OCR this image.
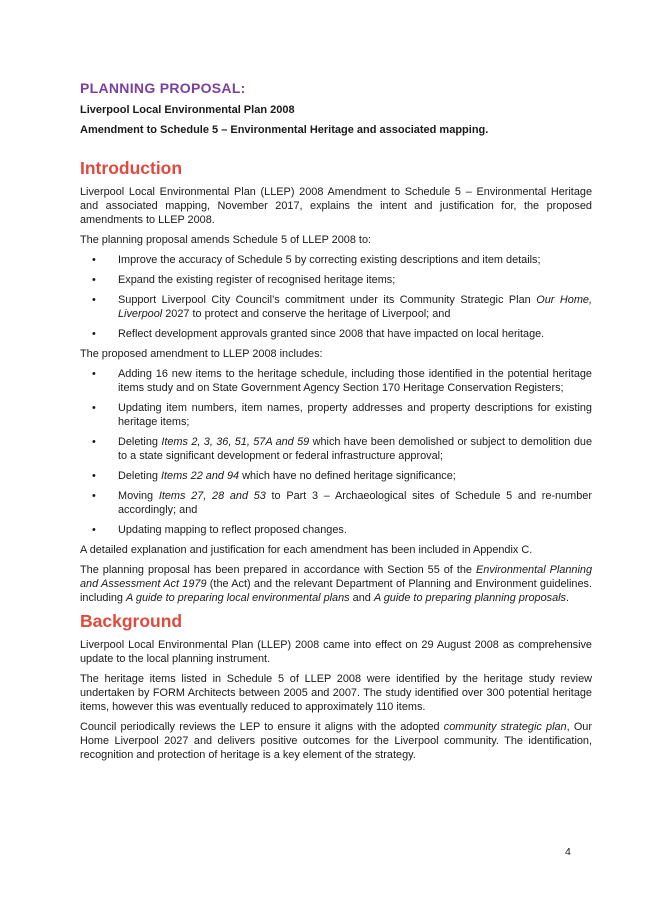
PLANNING PROPOSAL:
Liverpool Local Environmental Plan 2008
Amendment to Schedule 5 – Environmental Heritage and associated mapping.
Introduction

Liverpool Local Environmental Plan (LLEP) 2008 Amendment to Schedule 5 – Environmental Heritage and associated mapping, November 2017, explains the intent and justification for, the proposed amendments to LLEP 2008.

The planning proposal amends Schedule 5 of LLEP 2008 to:

• Improve the accuracy of Schedule 5 by correcting existing descriptions and item details;
• Expand the existing register of recognised heritage items;
• Support Liverpool City Council’s commitment under its Community Strategic Plan Our Home, Liverpool 2027 to protect and conserve the heritage of Liverpool; and
• Reflect development approvals granted since 2008 that have impacted on local heritage.

The proposed amendment to LLEP 2008 includes:

• Adding 16 new items to the heritage schedule, including those identified in the potential heritage items study and on State Government Agency Section 170 Heritage Conservation Registers;
• Updating item numbers, item names, property addresses and property descriptions for existing heritage items;
• Deleting Items 2, 3, 36, 51, 57A and 59 which have been demolished or subject to demolition due to a state significant development or federal infrastructure approval;
• Deleting Items 22 and 94 which have no defined heritage significance;
• Moving Items 27, 28 and 53 to Part 3 – Archaeological sites of Schedule 5 and re-number accordingly; and
• Updating mapping to reflect proposed changes.

A detailed explanation and justification for each amendment has been included in Appendix C.

The planning proposal has been prepared in accordance with Section 55 of the Environmental Planning and Assessment Act 1979 (the Act) and the relevant Department of Planning and Environment guidelines. including A guide to preparing local environmental plans and A guide to preparing planning proposals.

Background

Liverpool Local Environmental Plan (LLEP) 2008 came into effect on 29 August 2008 as comprehensive update to the local planning instrument.

The heritage items listed in Schedule 5 of LLEP 2008 were identified by the heritage study review undertaken by FORM Architects between 2005 and 2007. The study identified over 300 potential heritage items, however this was eventually reduced to approximately 110 items.

Council periodically reviews the LEP to ensure it aligns with the adopted community strategic plan, Our Home Liverpool 2027 and delivers positive outcomes for the Liverpool community. The identification, recognition and protection of heritage is a key element of the strategy.

4
